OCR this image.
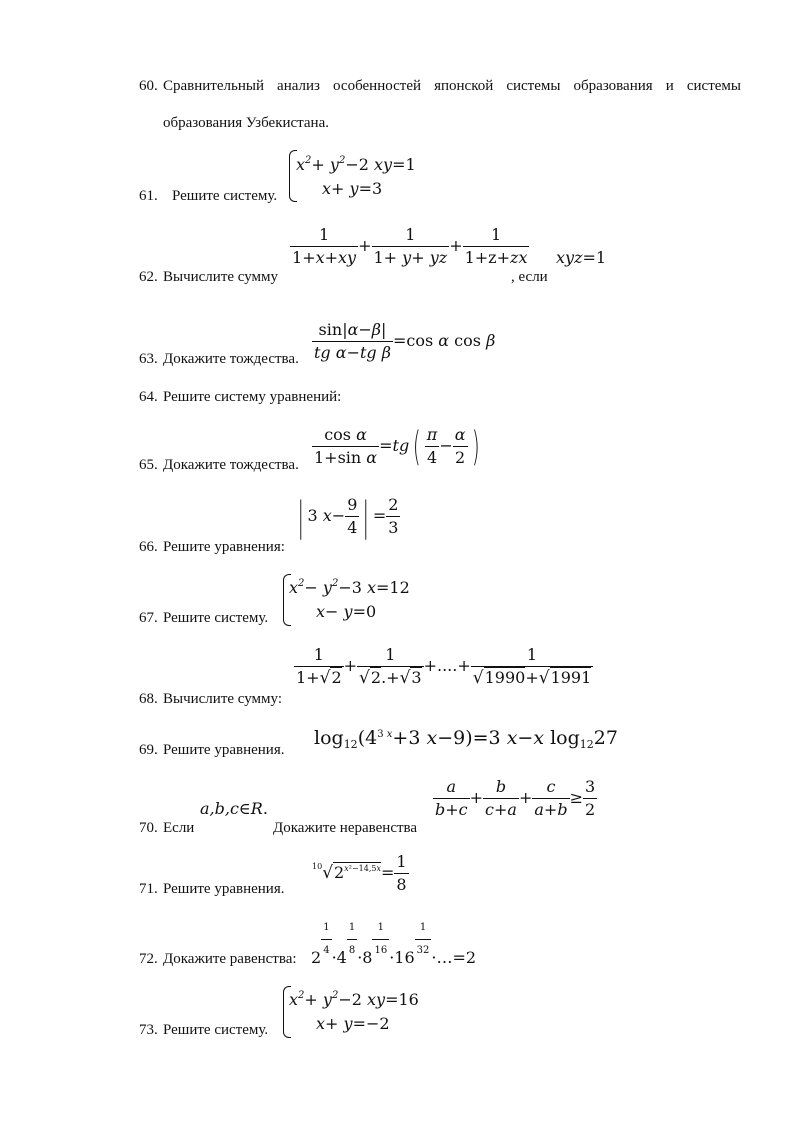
60. Сравнительный анализ особенностей японской системы образования и системы
образования Узбекистана.
61. Решите систему.
$x^2+ y^2-2$ xy=1
x+ y=3
62. Вычислите сумму
$\frac{1}{1+x+xy} + \frac{1}{1+ y+ yz} + \frac{1}{1+z+zx}$
, если
xyz=1
63. Докажите тождества. $\frac{\sin|\alpha-\beta|}{\text{tg α−tg β}} =\cos$ α cos β
64. Решите систему уравнений:
65. Докажите тождества. $\frac{\text{cos α}}{\text{1+sin α}} =tg( \frac{\pi}{4} - \frac{\alpha}{2}$ )
| 3 $x- \frac{9}{4}$ | = $\frac{2}{3}$
66. Решите уравнения:
67. Решите систему.
$x^2- y^2-3$ x=12
x− y=0
$\frac{1}{1+√2} + \frac{1}{√2.+√3}$ +....+ $\frac{1}{√1990+√1991}$
68. Вычислите сумму:
69. Решите уравнения.
$\log_{12}(4^{3 x}+3$ x−9)=3 x−x $\log_{12}27$
a,b,c∈R.
70. Если	Докажите неравенства
$\frac{a}{b+c} + \frac{b}{c+a} + \frac{c}{a+b} \ge \frac{3}{2}$
$^{10}√2^{x^2-14,5x}= \frac{1}{8}$
71. Решите уравнения.
$2 \frac{1}{4} \cdot 4 \frac{1}{8} \cdot 8 \frac{1}{16} \cdot 16 \frac{1}{32}$ ·…=2
72. Докажите равенства:
73. Решите систему.
$x^2+ y^2-2$ xy=16
x+ y=−2
